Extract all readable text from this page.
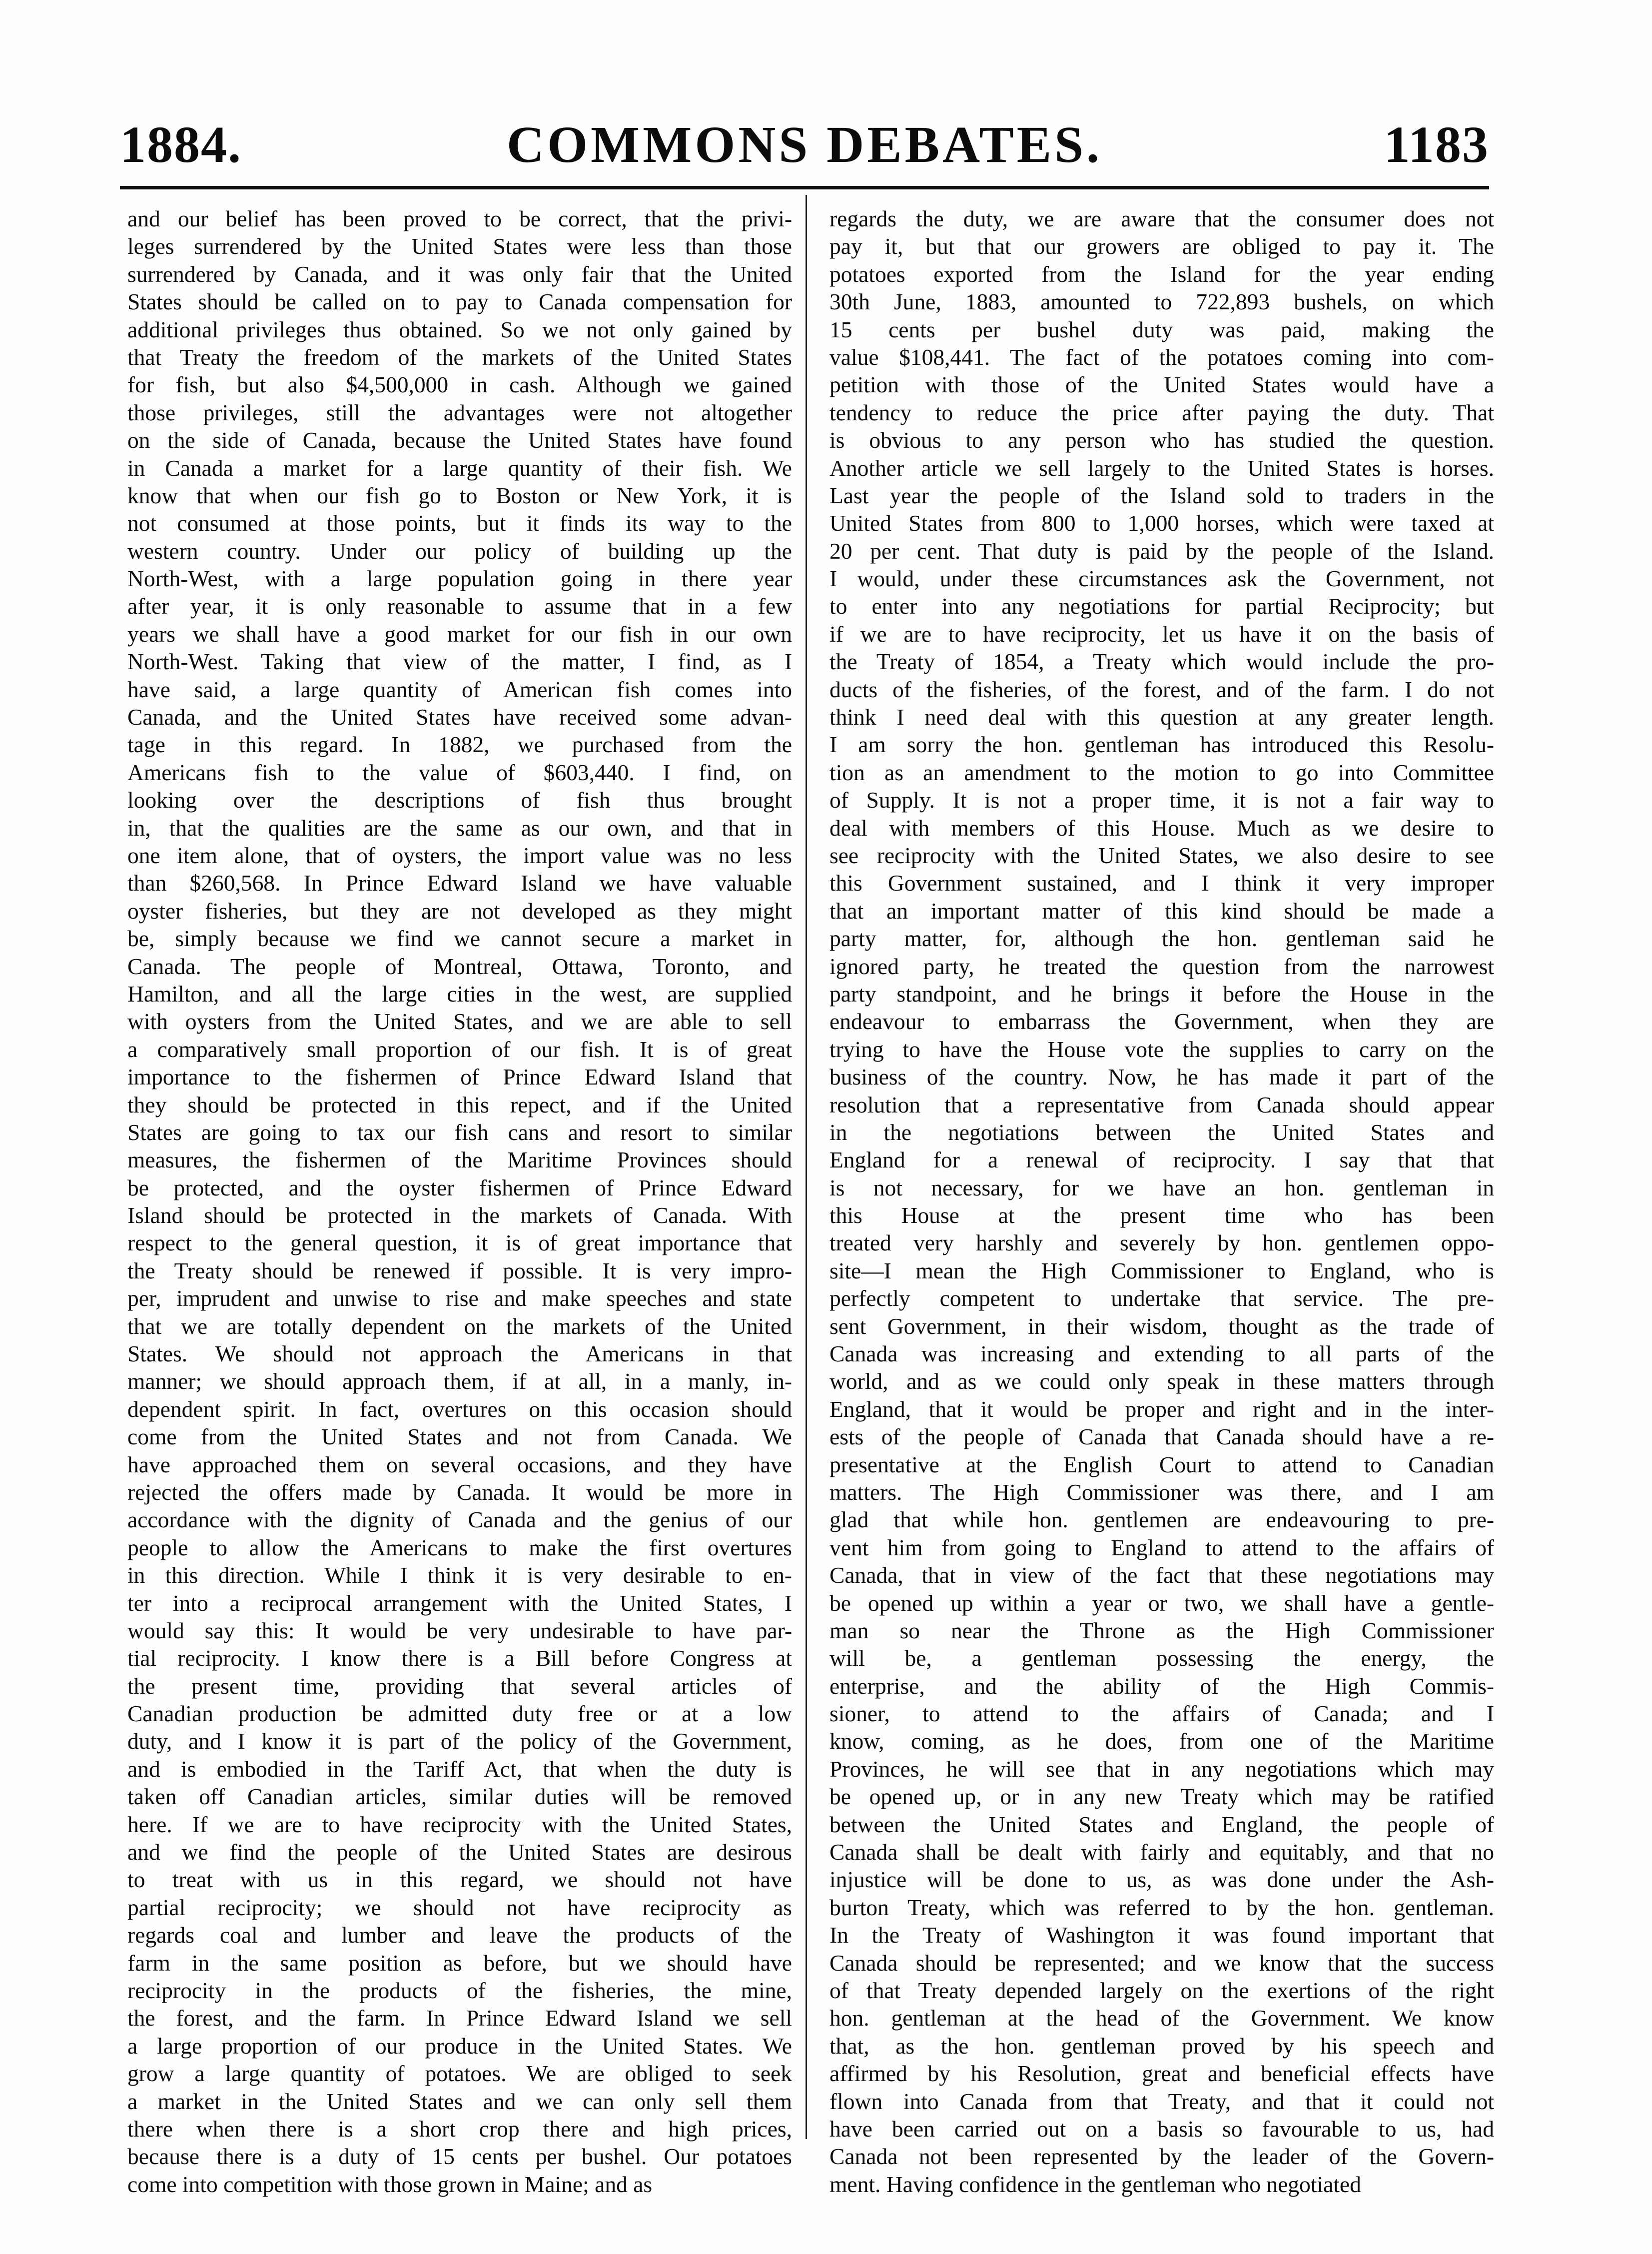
1884.	COMMONS DEBATES.	1183
and our belief has been proved to be correct, that the privi-
leges surrendered by the United States were less than those
surrendered by Canada, and it was only fair that the United
States should be called on to pay to Canada compensation for
additional privileges thus obtained. So we not only gained by
that Treaty the freedom of the markets of the United States
for fish, but also $4,500,000 in cash. Although we gained
those privileges, still the advantages were not altogether
on the side of Canada, because the United States have found
in Canada a market for a large quantity of their fish. We
know that when our fish go to Boston or New York, it is
not consumed at those points, but it finds its way to the
western country. Under our policy of building up the
North-West, with a large population going in there year
after year, it is only reasonable to assume that in a few
years we shall have a good market for our fish in our own
North-West. Taking that view of the matter, I find, as I
have said, a large quantity of American fish comes into
Canada, and the United States have received some advan-
tage in this regard. In 1882, we purchased from the
Americans fish to the value of $603,440. I find, on
looking over the descriptions of fish thus brought
in, that the qualities are the same as our own, and that in
one item alone, that of oysters, the import value was no less
than $260,568. In Prince Edward Island we have valuable
oyster fisheries, but they are not developed as they might
be, simply because we find we cannot secure a market in
Canada. The people of Montreal, Ottawa, Toronto, and
Hamilton, and all the large cities in the west, are supplied
with oysters from the United States, and we are able to sell
a comparatively small proportion of our fish. It is of great
importance to the fishermen of Prince Edward Island that
they should be protected in this repect, and if the United
States are going to tax our fish cans and resort to similar
measures, the fishermen of the Maritime Provinces should
be protected, and the oyster fishermen of Prince Edward
Island should be protected in the markets of Canada. With
respect to the general question, it is of great importance that
the Treaty should be renewed if possible. It is very impro-
per, imprudent and unwise to rise and make speeches and state
that we are totally dependent on the markets of the United
States. We should not approach the Americans in that
manner; we should approach them, if at all, in a manly, in-
dependent spirit. In fact, overtures on this occasion should
come from the United States and not from Canada. We
have approached them on several occasions, and they have
rejected the offers made by Canada. It would be more in
accordance with the dignity of Canada and the genius of our
people to allow the Americans to make the first overtures
in this direction. While I think it is very desirable to en-
ter into a reciprocal arrangement with the United States, I
would say this: It would be very undesirable to have par-
tial reciprocity. I know there is a Bill before Congress at
the present time, providing that several articles of
Canadian production be admitted duty free or at a low
duty, and I know it is part of the policy of the Government,
and is embodied in the Tariff Act, that when the duty is
taken off Canadian articles, similar duties will be removed
here. If we are to have reciprocity with the United States,
and we find the people of the United States are desirous
to treat with us in this regard, we should not have
partial reciprocity; we should not have reciprocity as
regards coal and lumber and leave the products of the
farm in the same position as before, but we should have
reciprocity in the products of the fisheries, the mine,
the forest, and the farm. In Prince Edward Island we sell
a large proportion of our produce in the United States. We
grow a large quantity of potatoes. We are obliged to seek
a market in the United States and we can only sell them
there when there is a short crop there and high prices,
because there is a duty of 15 cents per bushel. Our potatoes
come into competition with those grown in Maine; and as
regards the duty, we are aware that the consumer does not
pay it, but that our growers are obliged to pay it. The
potatoes exported from the Island for the year ending
30th June, 1883, amounted to 722,893 bushels, on which
15 cents per bushel duty was paid, making the
value $108,441. The fact of the potatoes coming into com-
petition with those of the United States would have a
tendency to reduce the price after paying the duty. That
is obvious to any person who has studied the question.
Another article we sell largely to the United States is horses.
Last year the people of the Island sold to traders in the
United States from 800 to 1,000 horses, which were taxed at
20 per cent. That duty is paid by the people of the Island.
I would, under these circumstances ask the Government, not
to enter into any negotiations for partial Reciprocity; but
if we are to have reciprocity, let us have it on the basis of
the Treaty of 1854, a Treaty which would include the pro-
ducts of the fisheries, of the forest, and of the farm. I do not
think I need deal with this question at any greater length.
I am sorry the hon. gentleman has introduced this Resolu-
tion as an amendment to the motion to go into Committee
of Supply. It is not a proper time, it is not a fair way to
deal with members of this House. Much as we desire to
see reciprocity with the United States, we also desire to see
this Government sustained, and I think it very improper
that an important matter of this kind should be made a
party matter, for, although the hon. gentleman said he
ignored party, he treated the question from the narrowest
party standpoint, and he brings it before the House in the
endeavour to embarrass the Government, when they are
trying to have the House vote the supplies to carry on the
business of the country. Now, he has made it part of the
resolution that a representative from Canada should appear
in the negotiations between the United States and
England for a renewal of reciprocity. I say that that
is not necessary, for we have an hon. gentleman in
this House at the present time who has been
treated very harshly and severely by hon. gentlemen oppo-
site—I mean the High Commissioner to England, who is
perfectly competent to undertake that service. The pre-
sent Government, in their wisdom, thought as the trade of
Canada was increasing and extending to all parts of the
world, and as we could only speak in these matters through
England, that it would be proper and right and in the inter-
ests of the people of Canada that Canada should have a re-
presentative at the English Court to attend to Canadian
matters. The High Commissioner was there, and I am
glad that while hon. gentlemen are endeavouring to pre-
vent him from going to England to attend to the affairs of
Canada, that in view of the fact that these negotiations may
be opened up within a year or two, we shall have a gentle-
man so near the Throne as the High Commissioner
will be, a gentleman possessing the energy, the
enterprise, and the ability of the High Commis-
sioner, to attend to the affairs of Canada; and I
know, coming, as he does, from one of the Maritime
Provinces, he will see that in any negotiations which may
be opened up, or in any new Treaty which may be ratified
between the United States and England, the people of
Canada shall be dealt with fairly and equitably, and that no
injustice will be done to us, as was done under the Ash-
burton Treaty, which was referred to by the hon. gentleman.
In the Treaty of Washington it was found important that
Canada should be represented; and we know that the success
of that Treaty depended largely on the exertions of the right
hon. gentleman at the head of the Government. We know
that, as the hon. gentleman proved by his speech and
affirmed by his Resolution, great and beneficial effects have
flown into Canada from that Treaty, and that it could not
have been carried out on a basis so favourable to us, had
Canada not been represented by the leader of the Govern-
ment. Having confidence in the gentleman who negotiated
